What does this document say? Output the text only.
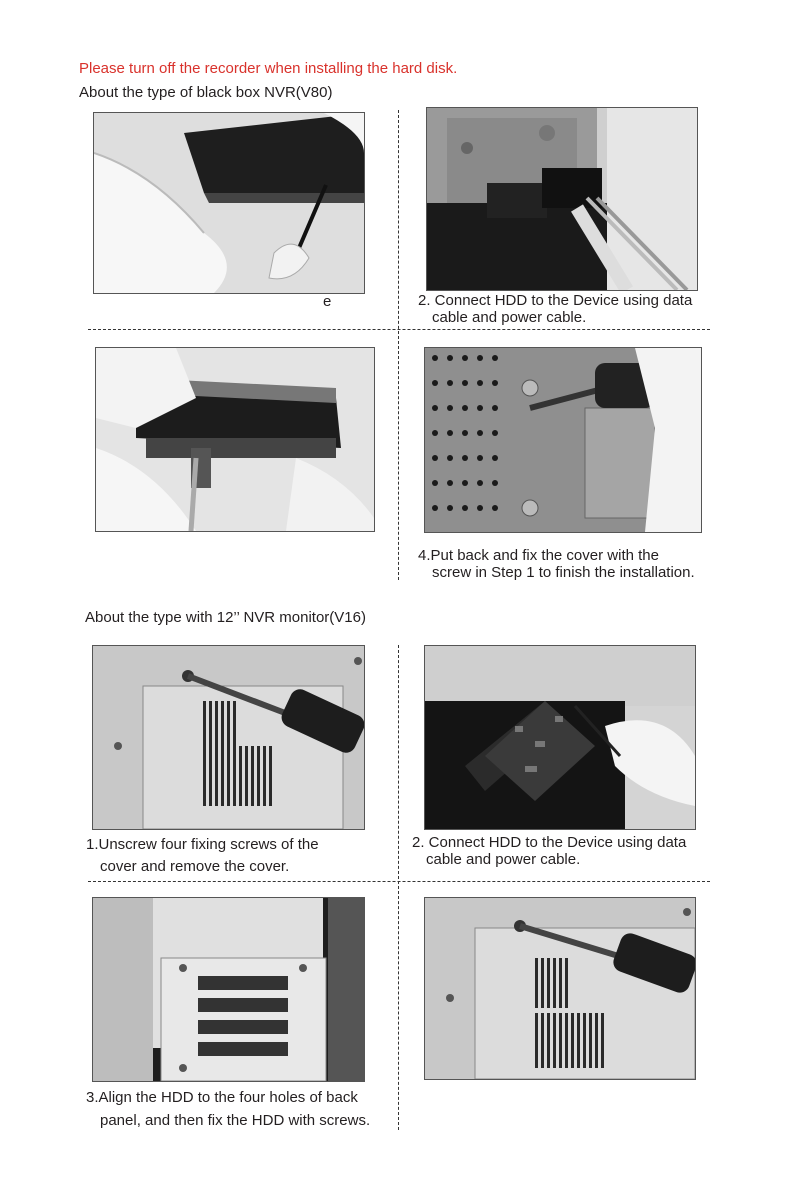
Please turn off the recorder when installing the hard disk.
About the type of black box NVR(V80)
e	2. Connect HDD to the Device using data
cable and power cable.
4.Put back and fix the cover with the
screw in Step 1 to finish the installation.
About the type with 12’’ NVR monitor(V16)
1.Unscrew four fixing screws of the
cover and remove the cover.
2. Connect HDD to the Device using data
cable and power cable.
3.Align the HDD to the four holes of back
panel, and then fix the HDD with screws.
